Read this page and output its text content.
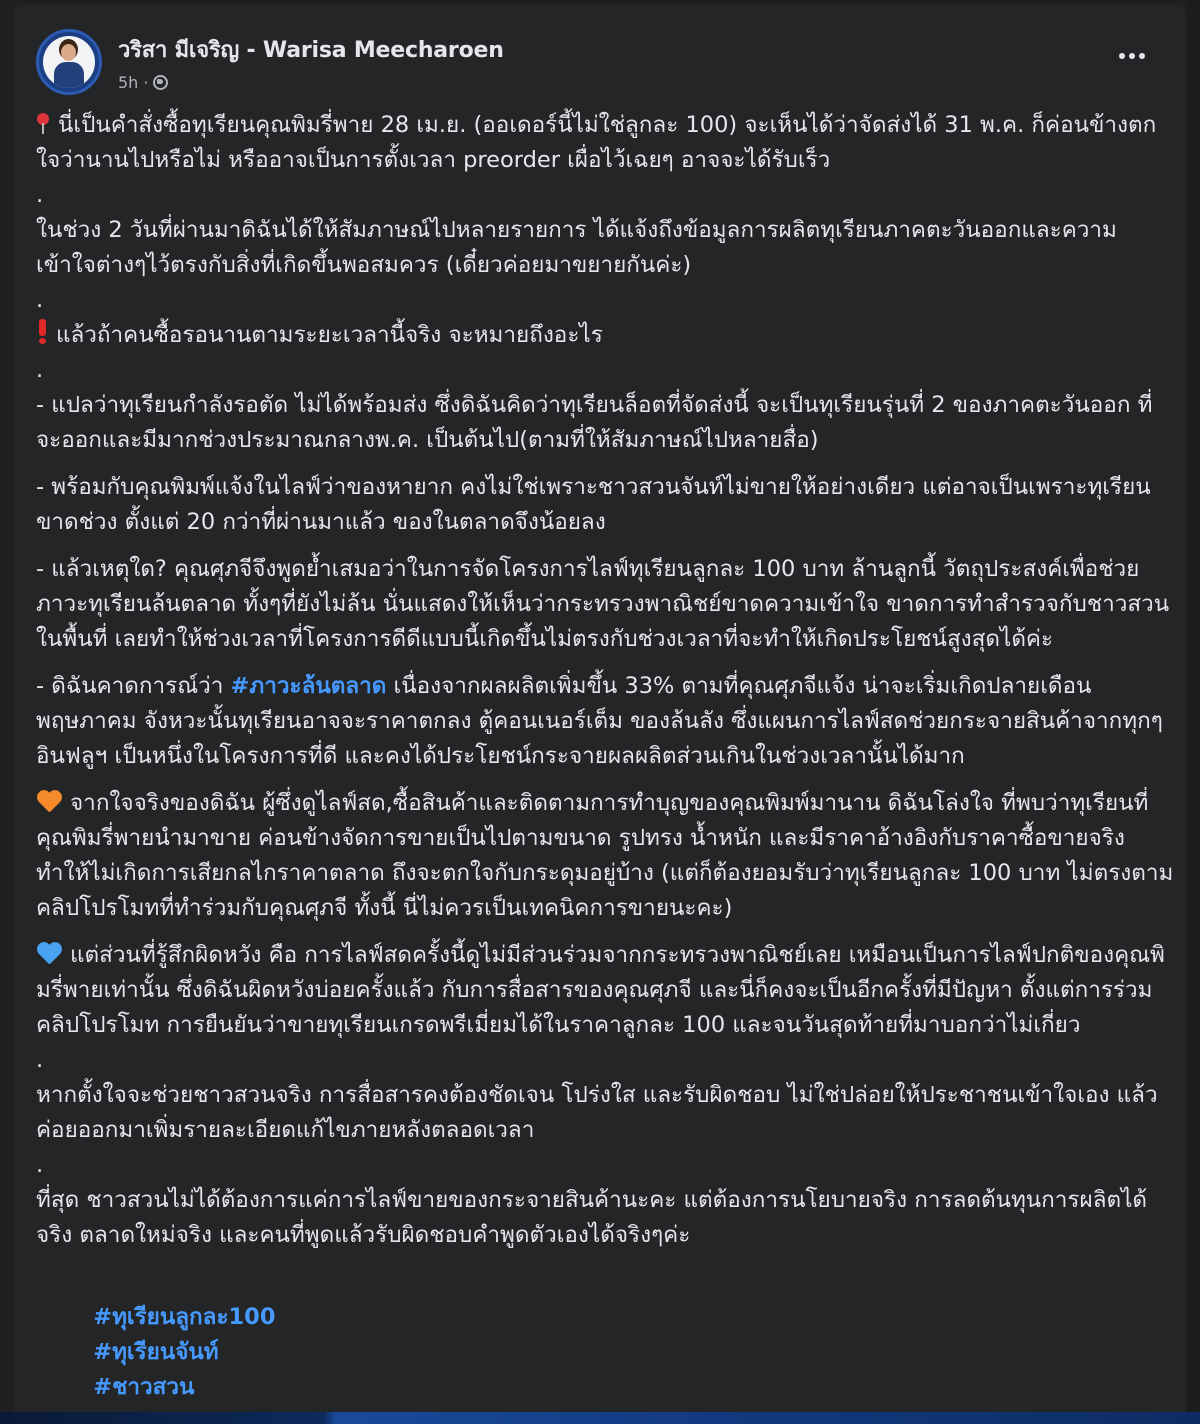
วริสา มีเจริญ - Warisa Meecharoen
5h ·

นี่เป็นคำสั่งซื้อทุเรียนคุณพิมรี่พาย 28 เม.ย. (ออเดอร์นี้ไม่ใช่ลูกละ 100) จะเห็นได้ว่าจัดส่งได้ 31 พ.ค. ก็ค่อนข้างตกใจว่านานไปหรือไม่ หรืออาจเป็นการตั้งเวลา preorder เผื่อไว้เฉยๆ อาจจะได้รับเร็ว

.

ในช่วง 2 วันที่ผ่านมาดิฉันได้ให้สัมภาษณ์ไปหลายรายการ ได้แจ้งถึงข้อมูลการผลิตทุเรียนภาคตะวันออกและความเข้าใจต่างๆไว้ตรงกับสิ่งที่เกิดขึ้นพอสมควร (เดี๋ยวค่อยมาขยายกันค่ะ)

.

แล้วถ้าคนซื้อรอนานตามระยะเวลานี้จริง จะหมายถึงอะไร

.

- แปลว่าทุเรียนกำลังรอตัด ไม่ได้พร้อมส่ง ซึ่งดิฉันคิดว่าทุเรียนล็อตที่จัดส่งนี้ จะเป็นทุเรียนรุ่นที่ 2 ของภาคตะวันออก ที่จะออกและมีมากช่วงประมาณกลางพ.ค. เป็นต้นไป(ตามที่ให้สัมภาษณ์ไปหลายสื่อ)

- พร้อมกับคุณพิมพ์แจ้งในไลฟ์ว่าของหายาก คงไม่ใช่เพราะชาวสวนจันท์ไม่ขายให้อย่างเดียว แต่อาจเป็นเพราะทุเรียนขาดช่วง ตั้งแต่ 20 กว่าที่ผ่านมาแล้ว ของในตลาดจึงน้อยลง

- แล้วเหตุใด? คุณศุภจีจึงพูดย้ำเสมอว่าในการจัดโครงการไลฟ์ทุเรียนลูกละ 100 บาท ล้านลูกนี้ วัตถุประสงค์เพื่อช่วยภาวะทุเรียนล้นตลาด ทั้งๆที่ยังไม่ล้น นั่นแสดงให้เห็นว่ากระทรวงพาณิชย์ขาดความเข้าใจ ขาดการทำสำรวจกับชาวสวนในพื้นที่ เลยทำให้ช่วงเวลาที่โครงการดีดีแบบนี้เกิดขึ้นไม่ตรงกับช่วงเวลาที่จะทำให้เกิดประโยชน์สูงสุดได้ค่ะ

- ดิฉันคาดการณ์ว่า #ภาวะล้นตลาด เนื่องจากผลผลิตเพิ่มขึ้น 33% ตามที่คุณศุภจีแจ้ง น่าจะเริ่มเกิดปลายเดือนพฤษภาคม จังหวะนั้นทุเรียนอาจจะราคาตกลง ตู้คอนเนอร์เต็ม ของล้นลัง ซึ่งแผนการไลฟ์สดช่วยกระจายสินค้าจากทุกๆอินฟลูฯ เป็นหนึ่งในโครงการที่ดี และคงได้ประโยชน์กระจายผลผลิตส่วนเกินในช่วงเวลานั้นได้มาก

จากใจจริงของดิฉัน ผู้ซึ่งดูไลฟ์สด,ซื้อสินค้าและติดตามการทำบุญของคุณพิมพ์มานาน ดิฉันโล่งใจ ที่พบว่าทุเรียนที่คุณพิมรี่พายนำมาขาย ค่อนข้างจัดการขายเป็นไปตามขนาด รูปทรง น้ำหนัก และมีราคาอ้างอิงกับราคาซื้อขายจริง ทำให้ไม่เกิดการเสียกลไกราคาตลาด ถึงจะตกใจกับกระดุมอยู่บ้าง (แต่ก็ต้องยอมรับว่าทุเรียนลูกละ 100 บาท ไม่ตรงตามคลิปโปรโมทที่ทำร่วมกับคุณศุภจี ทั้งนี้ นี่ไม่ควรเป็นเทคนิคการขายนะคะ)

แต่ส่วนที่รู้สึกผิดหวัง คือ การไลฟ์สดครั้งนี้ดูไม่มีส่วนร่วมจากกระทรวงพาณิชย์เลย เหมือนเป็นการไลฟ์ปกติของคุณพิมรี่พายเท่านั้น ซึ่งดิฉันผิดหวังบ่อยครั้งแล้ว กับการสื่อสารของคุณศุภจี และนี่ก็คงจะเป็นอีกครั้งที่มีปัญหา ตั้งแต่การร่วมคลิปโปรโมท การยืนยันว่าขายทุเรียนเกรดพรีเมี่ยมได้ในราคาลูกละ 100 และจนวันสุดท้ายที่มาบอกว่าไม่เกี่ยว

.

หากตั้งใจจะช่วยชาวสวนจริง การสื่อสารคงต้องชัดเจน โปร่งใส และรับผิดชอบ ไม่ใช่ปล่อยให้ประชาชนเข้าใจเอง แล้วค่อยออกมาเพิ่มรายละเอียดแก้ไขภายหลังตลอดเวลา

.

ที่สุด ชาวสวนไม่ได้ต้องการแค่การไลฟ์ขายของกระจายสินค้านะคะ แต่ต้องการนโยบายจริง การลดต้นทุนการผลิตได้จริง ตลาดใหม่จริง และคนที่พูดแล้วรับผิดชอบคำพูดตัวเองได้จริงๆค่ะ

#ทุเรียนลูกละ100
#ทุเรียนจันท์
#ชาวสวน
